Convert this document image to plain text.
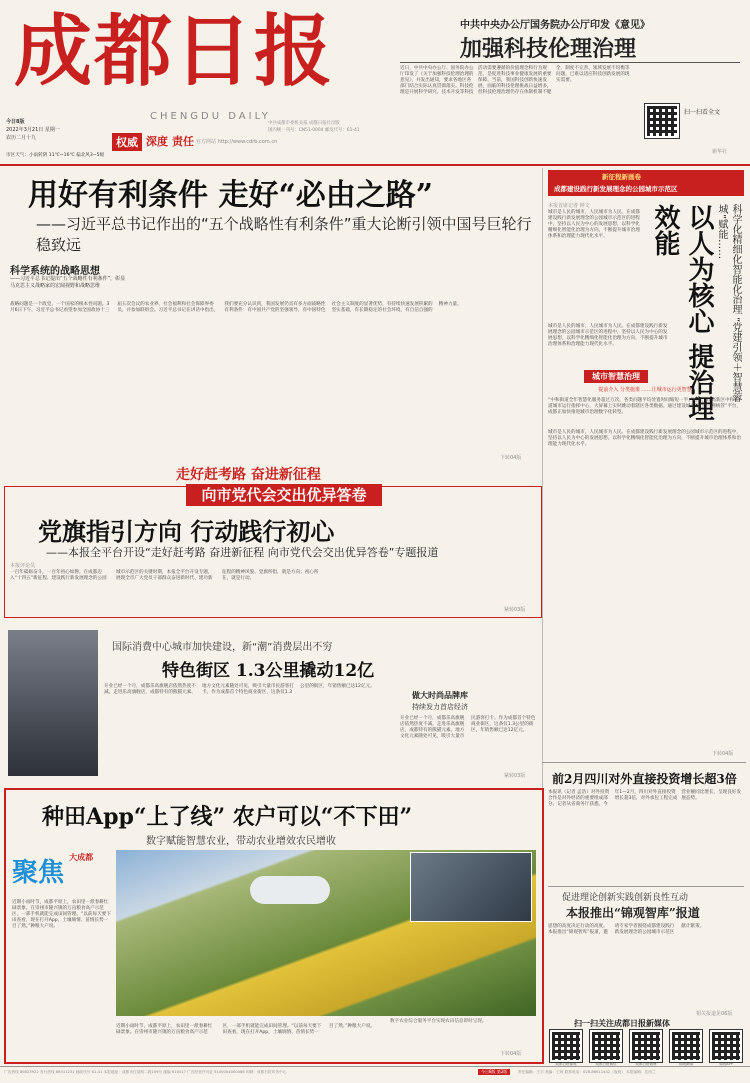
成都日报
CHENGDU DAILY
权威 深度 责任 官方网站 http://www.cdrb.com.cn
今日8版
2022年3月21日 星期一
农历二月十九
市区天气：小雨转阴 11℃~16℃ 偏北风3~5级
中共成都市委机关报 成都日报社出版
国内统一刊号：CN51-0004 邮发代号：61-41
中共中央办公厅国务院办公厅印发《意见》
加强科技伦理治理
近日，中共中央办公厅、国务院办公厅印发了《关于加强科技伦理治理的意见》，并发出通知，要求各地区各部门结合实际认真贯彻落实。科技伦理是开展科学研究、技术开发等科技活动需要遵循的价值理念和行为规范，是促进科技事业健康发展的重要保障。当前，我国科技创新快速发展，面临的科技伦理挑战日益增多，但科技伦理治理仍存在体制机制不健全、制度不完善、领域发展不均衡等问题，已难以适应科技创新发展的现实需要。
扫一扫看全文
新华社
用好有利条件 走好“必由之路”
——习近平总书记作出的“五个战略性有利条件”重大论断引领中国号巨轮行稳致远
科学系统的战略思想
——习近平总书记提出“五个战略性有利条件”，彰显马克思主义战略家的宏阔视野和战略思维
战略问题是一个政党、一个国家的根本性问题。3月6日下午，习近平总书记看望参加全国政协十三届五次会议的农业界、社会福利和社会保障界委员，并参加联组会。习近平总书记在讲话中指出，我们要充分认识到，我国发展仍具有多方面战略性有利条件：有中国共产党的坚强领导，有中国特色社会主义制度的显著优势，有持续快速发展积累的坚实基础，有长期稳定的社会环境，有自信自强的精神力量。
下转04版
走好赶考路 奋进新征程
向市党代会交出优异答卷
党旗指引方向 行动践行初心
——本报全平台开设“走好赶考路 奋进新征程 向市党代会交出优异答卷”专题报道
本报评论员
一百年砥砺奋斗，一百年初心如磐。在成都迈入“十四五”新征程、建设践行新发展理念的公园城市示范区的关键时期，本报全平台开设专题，展现全市广大党员干部群众奋进新时代、建功新征程的精神风貌。党旗所指，就是方向；初心所在，就是行动。
紧转03版
国际消费中心城市加快建设，新“潮”消费层出不穷
特色街区 1.3公里撬动12亿
开业已经一个月，成都乐高旗舰店依然热度不减。走进乐高旗舰店，成都特有的熊猫元素、地方文化元素随处可见，吸引大量市民游客打卡。作为成都首个特色商业街区，这条仅1.3公里的街区，年销售额已达12亿元。
做大时尚品牌库
持续发力首店经济
开业已经一个月，成都乐高旗舰店依然热度不减。走进乐高旗舰店，成都特有的熊猫元素、地方文化元素随处可见，吸引大量市民游客打卡。作为成都首个特色商业街区，这条仅1.3公里的街区，年销售额已达12亿元。
紧转03版
新征程新画卷
成都建设践行新发展理念的公园城市示范区
本报首席记者 钟文
城市是人民的城市，人民城市为人民。在成都建设践行新发展理念的公园城市示范区的进程中，坚持以人民为中心的发展思想，以科学化精细化智能化治理为方向，不断提升城市治理体系和治理能力现代化水平。	以人为核心 提治理效能	科学化精细化智能化治理 “党建引领＋智慧蓉城”赋能……
城市是人民的城市，人民城市为人民。在成都建设践行新发展理念的公园城市示范区的进程中，坚持以人民为中心的发展思想，以科学化精细化智能化治理为方向，不断提升城市治理体系和治理能力现代化水平。
城市智慧治理
提前介入 分类施策 ……让城市运行更智慧
“中和街道全年智慧化服务超过万次，各类问题平均处置时间缩短一半。”近日，在高新区中和街道城市运行指挥中心，大屏幕上实时跳动着辖区各类数据。通过建设城市运行“一网统管”平台，成都正加快推进城市治理数字化转型。
城市是人民的城市，人民城市为人民。在成都建设践行新发展理念的公园城市示范区的进程中，坚持以人民为中心的发展思想，以科学化精细化智能化治理为方向，不断提升城市治理体系和治理能力现代化水平。
下转04版
前2月四川对外直接投资增长超3倍
本报讯（记者 孟浩）对外投资合作是对外经济的重要组成部分。记者从省商务厅获悉，今年1—2月，四川对外直接投资增长超3倍，对外承包工程完成营业额同比增长，呈现良好发展态势。
促进理论创新实践创新良性互动
本报推出“锦观智库”报道
思想的高度决定行动的高度。本报推出“锦观智库”报道，邀请专家学者围绕成都建设践行新发展理念的公园城市示范区献计献策。
相关报道见06版
扫一扫关注成都日报新媒体
成都日报锦观	成都日报微信	成都日报微博	锦观新闻	锦观APP
种田App“上了线” 农户可以“不下田”
数字赋能智慧农业，带动农业增效农民增收
聚焦 $^{大成都}$
数字农业综合服务平台实现农田信息即时呈现。
近期小雨时节，成都平原上，农田里一派春耕忙碌景象。在崇州市隆兴镇的万亩粮食高产示范区，一部手机就能完成田间管理。“以前每天要下田查看，现在打开App，土壤墒情、苗情长势一目了然。”种粮大户说。
近期小雨时节，成都平原上，农田里一派春耕忙碌景象。在崇州市隆兴镇的万亩粮食高产示范区，一部手机就能完成田间管理。“以前每天要下田查看，现在打开App，土壤墒情、苗情长势一目了然。”种粮大户说。
下转04版
广告热线 86623922 发行热线 86511231 邮政代号 61-41 本报地址：成都市红星路二段159号 邮编 610017 广告经营许可证 5100004000086 印刷：成都日报印务中心	今日8版 第2版	责任编辑：王宇 美编：王珂 联系电话：028-86611442（夜班） 本报编辑：沈西兰
